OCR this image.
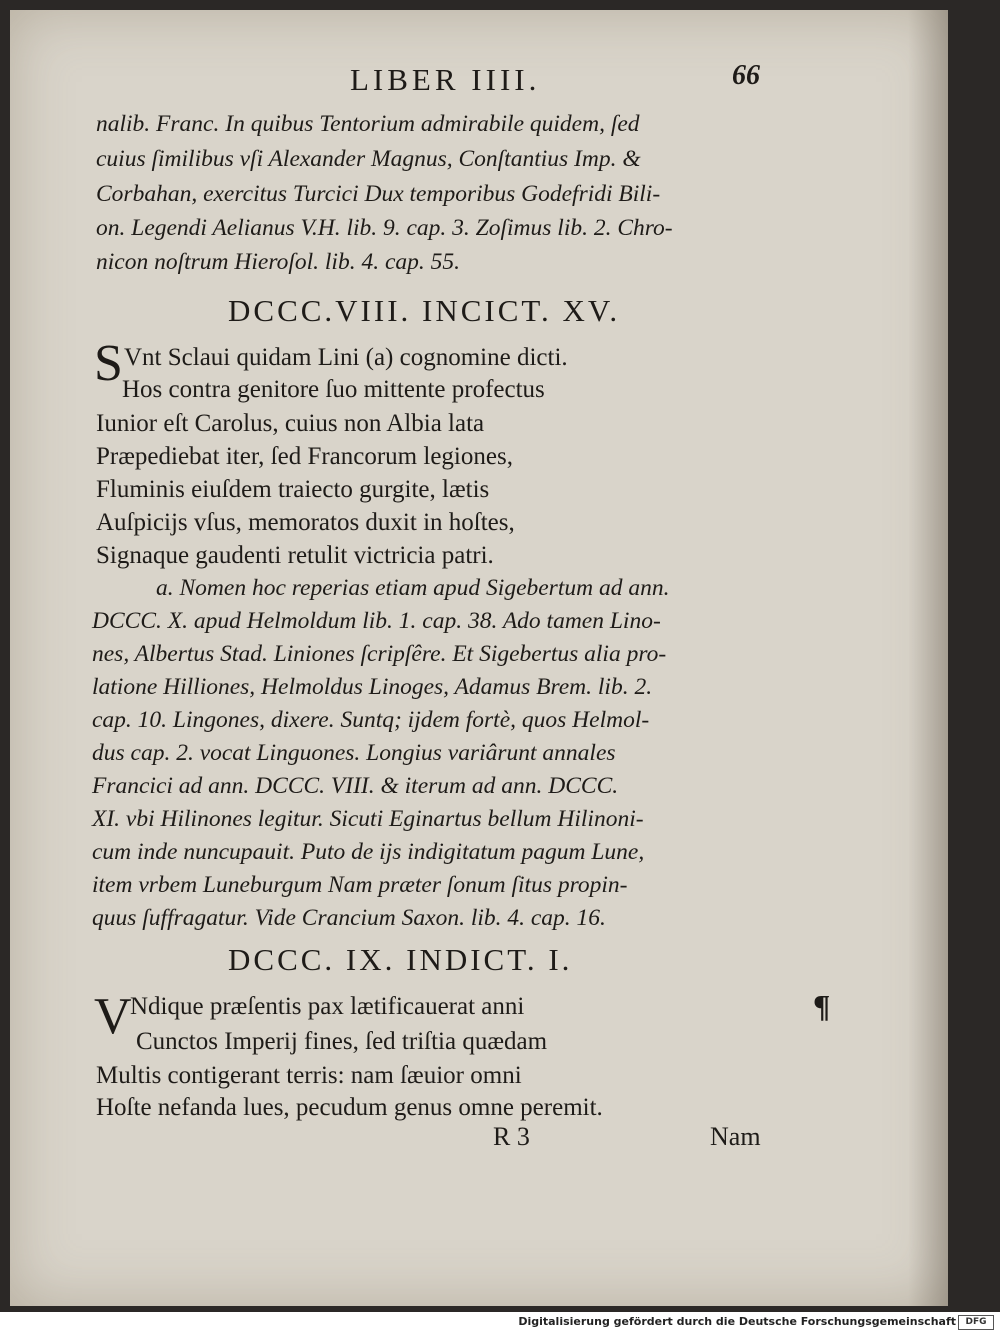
LIBER IIII.	66
nalib. Franc. In quibus Tentorium admirabile quidem, ſed
cuius ſimilibus vſi Alexander Magnus, Conſtantius Imp. &
Corbahan, exercitus Turcici Dux temporibus Godefridi Bili-
on. Legendi Aelianus V.H. lib. 9. cap. 3. Zoſimus lib. 2. Chro-
nicon noſtrum Hieroſol. lib. 4. cap. 55.
DCCC.VIII. INCICT. XV.
S Vnt Sclaui quidam Lini (a) cognomine dicti.
Hos contra genitore ſuo mittente profectus
Iunior eſt Carolus, cuius non Albia lata
Præpediebat iter, ſed Francorum legiones,
Fluminis eiuſdem traiecto gurgite, lætis
Auſpicijs vſus, memoratos duxit in hoſtes,
Signaque gaudenti retulit victricia patri.
a. Nomen hoc reperias etiam apud Sigebertum ad ann.
DCCC. X. apud Helmoldum lib. 1. cap. 38. Ado tamen Lino-
nes, Albertus Stad. Liniones ſcripſêre. Et Sigebertus alia pro-
latione Hilliones, Helmoldus Linoges, Adamus Brem. lib. 2.
cap. 10. Lingones, dixere. Suntq; ijdem fortè, quos Helmol-
dus cap. 2. vocat Linguones. Longius variârunt annales
Francici ad ann. DCCC. VIII. & iterum ad ann. DCCC.
XI. vbi Hilinones legitur. Sicuti Eginartus bellum Hilinoni-
cum inde nuncupauit. Puto de ijs indigitatum pagum Lune,
item vrbem Luneburgum Nam præter ſonum ſitus propin-
quus ſuffragatur. Vide Crancium Saxon. lib. 4. cap. 16.
DCCC. IX. INDICT. I.
¶
V
Ndique præſentis pax lætificauerat anni
Cunctos Imperij fines, ſed triſtia quædam
Multis contigerant terris: nam ſæuior omni
Hoſte nefanda lues, pecudum genus omne peremit.
R 3	Nam
Digitalisierung gefördert durch die Deutsche Forschungsgemeinschaft	DFG
